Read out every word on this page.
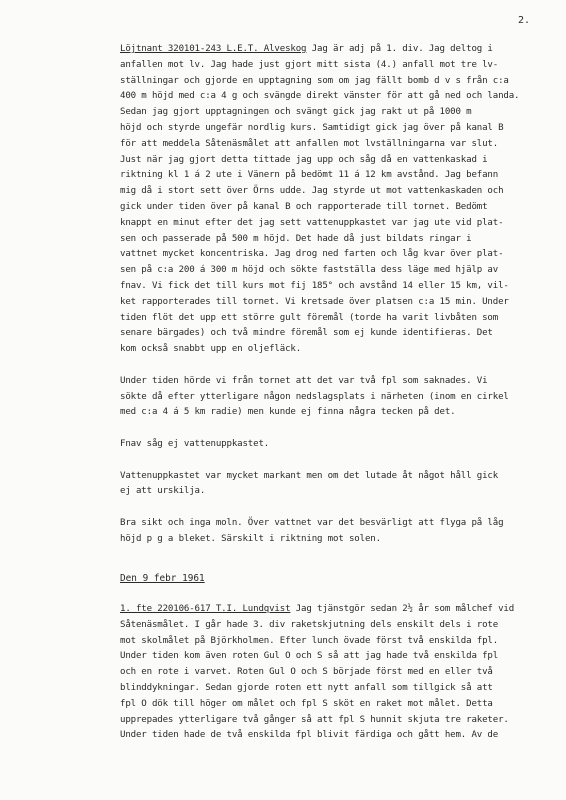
2.
Löjtnant 320101-243 L.E.T. Alveskog Jag är adj på 1. div. Jag deltog i
anfallen mot lv. Jag hade just gjort mitt sista (4.) anfall mot tre lv-
ställningar och gjorde en upptagning som om jag fällt bomb d v s från c:a
400 m höjd med c:a 4 g och svängde direkt vänster för att gå ned och landa.
Sedan jag gjort upptagningen och svängt gick jag rakt ut på 1000 m
höjd och styrde ungefär nordlig kurs. Samtidigt gick jag över på kanal B
för att meddela Såtenäsmålet att anfallen mot lvställningarna var slut.
Just när jag gjort detta tittade jag upp och såg då en vattenkaskad i
riktning kl 1 á 2 ute i Vänern på bedömt 11 á 12 km avstånd. Jag befann
mig då i stort sett över Örns udde. Jag styrde ut mot vattenkaskaden och
gick under tiden över på kanal B och rapporterade till tornet. Bedömt
knappt en minut efter det jag sett vattenuppkastet var jag ute vid plat-
sen och passerade på 500 m höjd. Det hade då just bildats ringar i
vattnet mycket koncentriska. Jag drog ned farten och låg kvar över plat-
sen på c:a 200 á 300 m höjd och sökte fastställa dess läge med hjälp av
fnav. Vi fick det till kurs mot fij 185° och avstånd 14 eller 15 km, vil-
ket rapporterades till tornet. Vi kretsade över platsen c:a 15 min. Under
tiden flöt det upp ett större gult föremål (torde ha varit livbåten som
senare bärgades) och två mindre föremål som ej kunde identifieras. Det
kom också snabbt upp en oljefläck.
Under tiden hörde vi från tornet att det var två fpl som saknades. Vi
sökte då efter ytterligare någon nedslagsplats i närheten (inom en cirkel
med c:a 4 á 5 km radie) men kunde ej finna några tecken på det.
Fnav såg ej vattenuppkastet.
Vattenuppkastet var mycket markant men om det lutade åt något håll gick
ej att urskilja.
Bra sikt och inga moln. Över vattnet var det besvärligt att flyga på låg
höjd p g a bleket. Särskilt i riktning mot solen.
Den 9 febr 1961
1. fte 220106-617 T.I. Lundqvist Jag tjänstgör sedan 2½ år som målchef vid
Såtenäsmålet. I går hade 3. div raketskjutning dels enskilt dels i rote
mot skolmålet på Björkholmen. Efter lunch övade först två enskilda fpl.
Under tiden kom även roten Gul O och S så att jag hade två enskilda fpl
och en rote i varvet. Roten Gul O och S började först med en eller två
blinddykningar. Sedan gjorde roten ett nytt anfall som tillgick så att
fpl O dök till höger om målet och fpl S sköt en raket mot målet. Detta
upprepades ytterligare två gånger så att fpl S hunnit skjuta tre raketer.
Under tiden hade de två enskilda fpl blivit färdiga och gått hem. Av de
